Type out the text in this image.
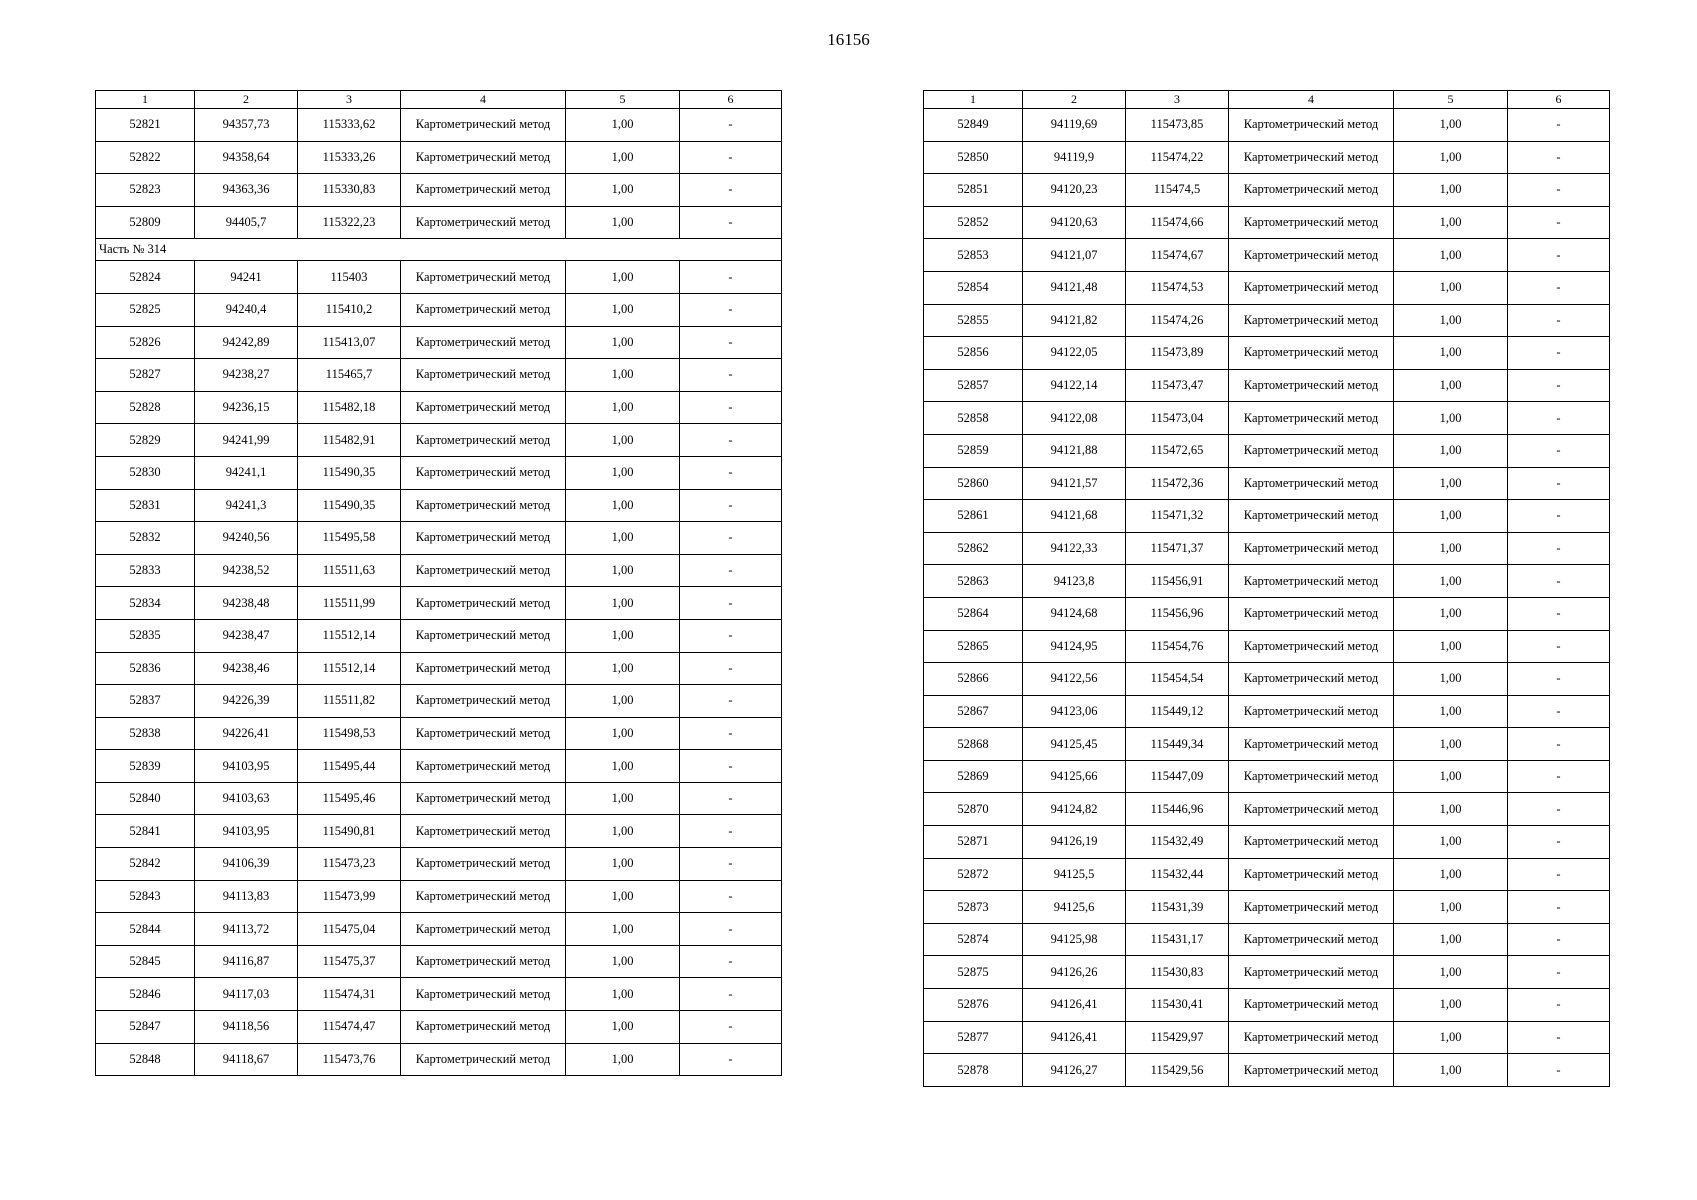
16156
1	2	3	4	5	6
52821	94357,73	115333,62	Картометрический метод	1,00	-
52822	94358,64	115333,26	Картометрический метод	1,00	-
52823	94363,36	115330,83	Картометрический метод	1,00	-
52809	94405,7	115322,23	Картометрический метод	1,00	-
Часть № 314					
52824	94241	115403	Картометрический метод	1,00	-
52825	94240,4	115410,2	Картометрический метод	1,00	-
52826	94242,89	115413,07	Картометрический метод	1,00	-
52827	94238,27	115465,7	Картометрический метод	1,00	-
52828	94236,15	115482,18	Картометрический метод	1,00	-
52829	94241,99	115482,91	Картометрический метод	1,00	-
52830	94241,1	115490,35	Картометрический метод	1,00	-
52831	94241,3	115490,35	Картометрический метод	1,00	-
52832	94240,56	115495,58	Картометрический метод	1,00	-
52833	94238,52	115511,63	Картометрический метод	1,00	-
52834	94238,48	115511,99	Картометрический метод	1,00	-
52835	94238,47	115512,14	Картометрический метод	1,00	-
52836	94238,46	115512,14	Картометрический метод	1,00	-
52837	94226,39	115511,82	Картометрический метод	1,00	-
52838	94226,41	115498,53	Картометрический метод	1,00	-
52839	94103,95	115495,44	Картометрический метод	1,00	-
52840	94103,63	115495,46	Картометрический метод	1,00	-
52841	94103,95	115490,81	Картометрический метод	1,00	-
52842	94106,39	115473,23	Картометрический метод	1,00	-
52843	94113,83	115473,99	Картометрический метод	1,00	-
52844	94113,72	115475,04	Картометрический метод	1,00	-
52845	94116,87	115475,37	Картометрический метод	1,00	-
52846	94117,03	115474,31	Картометрический метод	1,00	-
52847	94118,56	115474,47	Картометрический метод	1,00	-
52848	94118,67	115473,76	Картометрический метод	1,00	-
1	2	3	4	5	6
52849	94119,69	115473,85	Картометрический метод	1,00	-
52850	94119,9	115474,22	Картометрический метод	1,00	-
52851	94120,23	115474,5	Картометрический метод	1,00	-
52852	94120,63	115474,66	Картометрический метод	1,00	-
52853	94121,07	115474,67	Картометрический метод	1,00	-
52854	94121,48	115474,53	Картометрический метод	1,00	-
52855	94121,82	115474,26	Картометрический метод	1,00	-
52856	94122,05	115473,89	Картометрический метод	1,00	-
52857	94122,14	115473,47	Картометрический метод	1,00	-
52858	94122,08	115473,04	Картометрический метод	1,00	-
52859	94121,88	115472,65	Картометрический метод	1,00	-
52860	94121,57	115472,36	Картометрический метод	1,00	-
52861	94121,68	115471,32	Картометрический метод	1,00	-
52862	94122,33	115471,37	Картометрический метод	1,00	-
52863	94123,8	115456,91	Картометрический метод	1,00	-
52864	94124,68	115456,96	Картометрический метод	1,00	-
52865	94124,95	115454,76	Картометрический метод	1,00	-
52866	94122,56	115454,54	Картометрический метод	1,00	-
52867	94123,06	115449,12	Картометрический метод	1,00	-
52868	94125,45	115449,34	Картометрический метод	1,00	-
52869	94125,66	115447,09	Картометрический метод	1,00	-
52870	94124,82	115446,96	Картометрический метод	1,00	-
52871	94126,19	115432,49	Картометрический метод	1,00	-
52872	94125,5	115432,44	Картометрический метод	1,00	-
52873	94125,6	115431,39	Картометрический метод	1,00	-
52874	94125,98	115431,17	Картометрический метод	1,00	-
52875	94126,26	115430,83	Картометрический метод	1,00	-
52876	94126,41	115430,41	Картометрический метод	1,00	-
52877	94126,41	115429,97	Картометрический метод	1,00	-
52878	94126,27	115429,56	Картометрический метод	1,00	-
